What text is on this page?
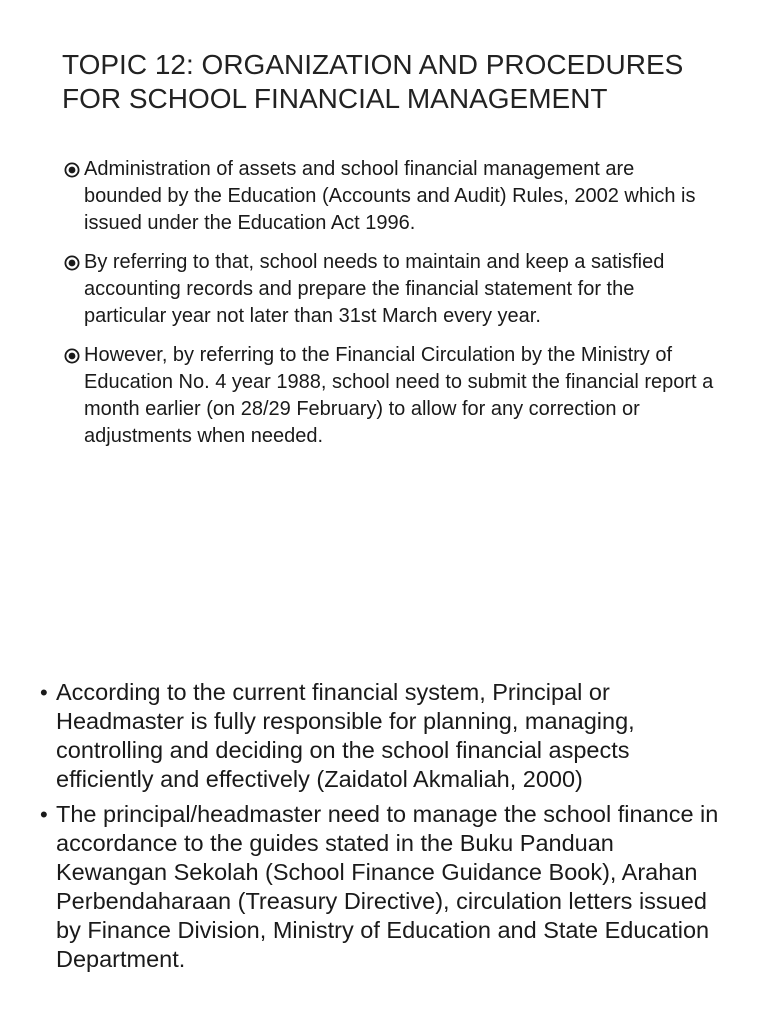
TOPIC 12: ORGANIZATION AND PROCEDURES
FOR SCHOOL FINANCIAL MANAGEMENT
Administration of assets and school financial management are bounded by the Education (Accounts and Audit) Rules, 2002 which is issued under the Education Act 1996.
By referring to that, school needs to maintain and keep a satisfied accounting records and prepare the financial statement for the particular year not later than 31st March every year.
However, by referring to the Financial Circulation by the Ministry of Education No. 4 year 1988, school need to submit the financial report a month earlier (on 28/29 February) to allow for any correction or adjustments when needed.
• According to the current financial system, Principal or Headmaster is fully responsible for planning, managing, controlling and deciding on the school financial aspects efficiently and effectively (Zaidatol Akmaliah, 2000)
• The principal/headmaster need to manage the school finance in accordance to the guides stated in the Buku Panduan Kewangan Sekolah (School Finance Guidance Book), Arahan Perbendaharaan (Treasury Directive), circulation letters issued by Finance Division, Ministry of Education and State Education Department.
